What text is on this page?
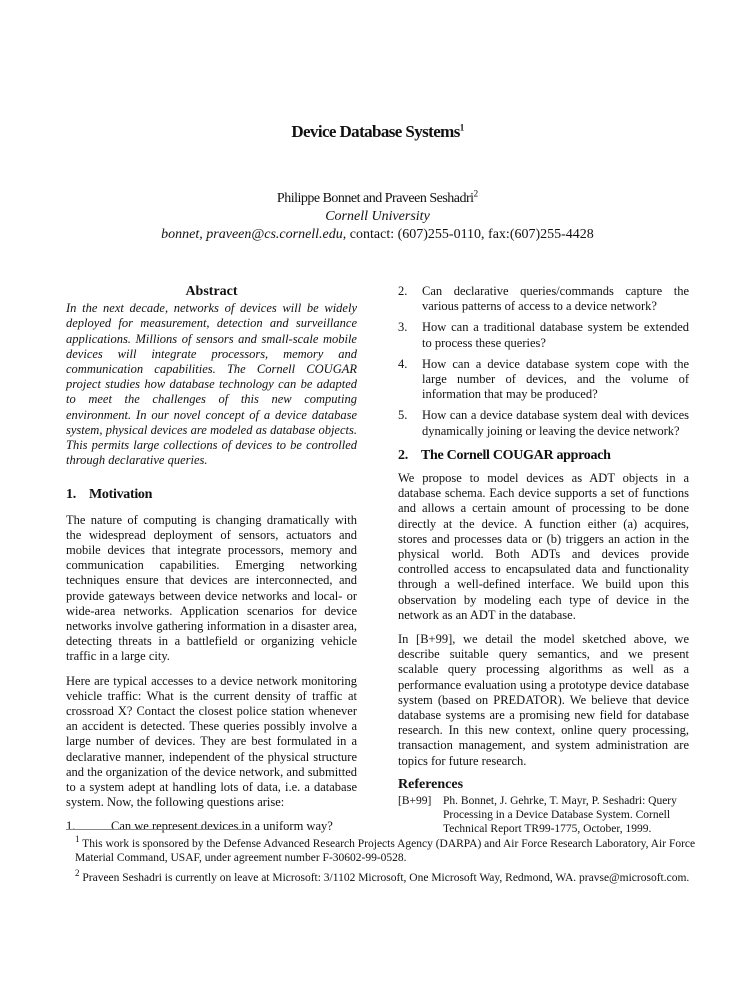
Device Database Systems$^1$
Philippe Bonnet and Praveen Seshadri$^2$
Cornell University
bonnet, praveen@cs.cornell.edu, contact: (607)255-0110, fax:(607)255-4428
Abstract

In the next decade, networks of devices will be widely deployed for measurement, detection and surveillance applications. Millions of sensors and small-scale mobile devices will integrate processors, memory and communication capabilities. The Cornell COUGAR project studies how database technology can be adapted to meet the challenges of this new computing environment. In our novel concept of a device database system, physical devices are modeled as database objects. This permits large collections of devices to be controlled through declarative queries.

1. Motivation

The nature of computing is changing dramatically with the widespread deployment of sensors, actuators and mobile devices that integrate processors, memory and communication capabilities. Emerging networking techniques ensure that devices are interconnected, and provide gateways between device networks and local- or wide-area networks. Application scenarios for device networks involve gathering information in a disaster area, detecting threats in a battlefield or organizing vehicle traffic in a large city.

Here are typical accesses to a device network monitoring vehicle traffic: What is the current density of traffic at crossroad X? Contact the closest police station whenever an accident is detected. These queries possibly involve a large number of devices. They are best formulated in a declarative manner, independent of the physical structure and the organization of the device network, and submitted to a system adept at handling lots of data, i.e. a database system. Now, the following questions arise:

1.	Can we represent devices in a uniform way?
2. Can declarative queries/commands capture the various patterns of access to a device network?
3. How can a traditional database system be extended to process these queries?
4. How can a device database system cope with the large number of devices, and the volume of information that may be produced?
5. How can a device database system deal with devices dynamically joining or leaving the device network?
2. The Cornell COUGAR approach

We propose to model devices as ADT objects in a database schema. Each device supports a set of functions and allows a certain amount of processing to be done directly at the device. A function either (a) acquires, stores and processes data or (b) triggers an action in the physical world. Both ADTs and devices provide controlled access to encapsulated data and functionality through a well-defined interface. We build upon this observation by modeling each type of device in the network as an ADT in the database.

In [B+99], we detail the model sketched above, we describe suitable query semantics, and we present scalable query processing algorithms as well as a performance evaluation using a prototype device database system (based on PREDATOR). We believe that device database systems are a promising new field for database research. In this new context, online query processing, transaction management, and system administration are topics for future research.

References
[B+99] Ph. Bonnet, J. Gehrke, T. Mayr, P. Seshadri: Query Processing in a Device Database System. Cornell Technical Report TR99-1775, October, 1999.

$^1$ This work is sponsored by the Defense Advanced Research Projects Agency (DARPA) and Air Force Research Laboratory, Air Force Material Command, USAF, under agreement number F-30602-99-0528.

$^2$ Praveen Seshadri is currently on leave at Microsoft: 3/1102 Microsoft, One Microsoft Way, Redmond, WA. pravse@microsoft.com.
